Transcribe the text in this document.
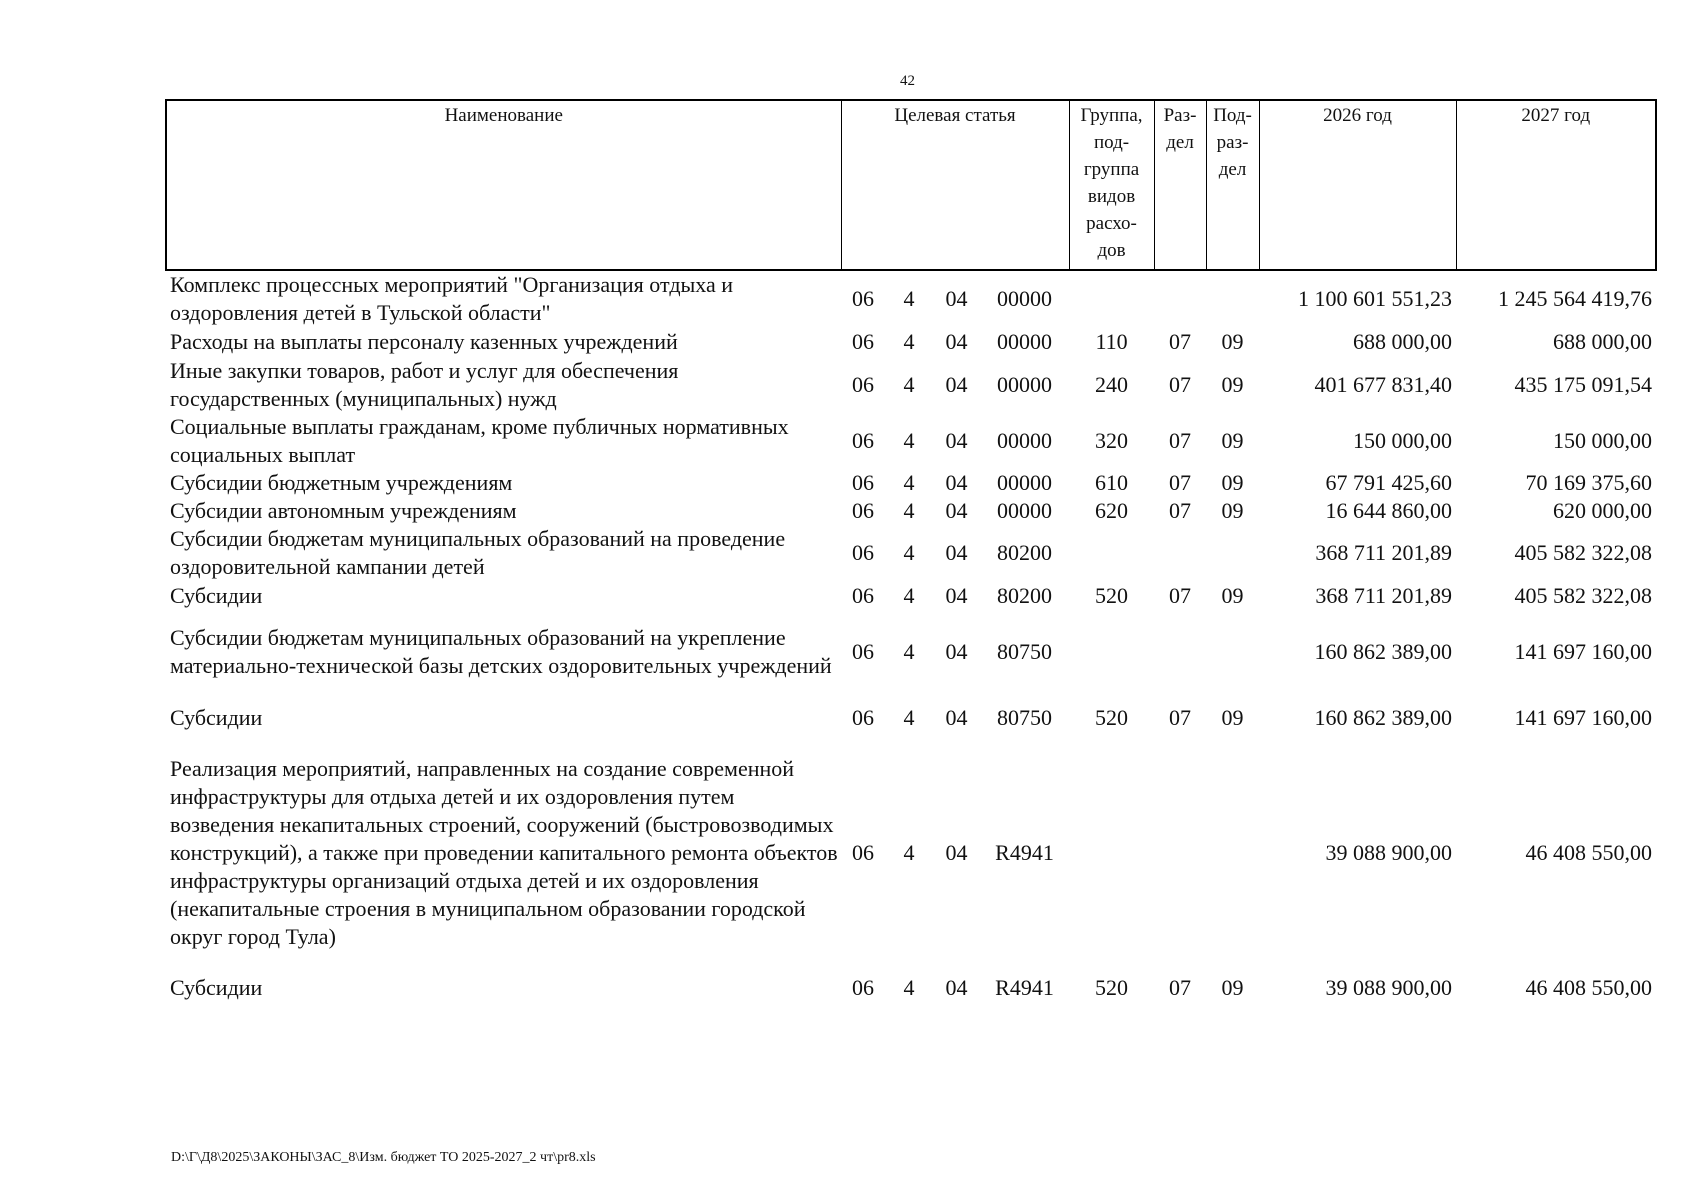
42
Наименование	Целевая статья				Группа, под- группа видов расхо- дов	Раз- дел	Под- раз- дел	2026 год	2027 год
Комплекс процессных мероприятий "Организация отдыха и оздоровления детей в Тульской области"	06	4	04	00000				1 100 601 551,23	1 245 564 419,76
Расходы на выплаты персоналу казенных учреждений	06	4	04	00000	110	07	09	688 000,00	688 000,00
Иные закупки товаров, работ и услуг для обеспечения государственных (муниципальных) нужд	06	4	04	00000	240	07	09	401 677 831,40	435 175 091,54
Социальные выплаты гражданам, кроме публичных нормативных социальных выплат	06	4	04	00000	320	07	09	150 000,00	150 000,00
Субсидии бюджетным учреждениям	06	4	04	00000	610	07	09	67 791 425,60	70 169 375,60
Субсидии автономным учреждениям	06	4	04	00000	620	07	09	16 644 860,00	620 000,00
Субсидии бюджетам муниципальных образований на проведение оздоровительной кампании детей	06	4	04	80200				368 711 201,89	405 582 322,08
Субсидии	06	4	04	80200	520	07	09	368 711 201,89	405 582 322,08
Субсидии бюджетам муниципальных образований на укрепление материально-технической базы детских оздоровительных учреждений	06	4	04	80750				160 862 389,00	141 697 160,00
Субсидии	06	4	04	80750	520	07	09	160 862 389,00	141 697 160,00
Реализация мероприятий, направленных на создание современной инфраструктуры для отдыха детей и их оздоровления путем возведения некапитальных строений, сооружений (быстровозводимых конструкций), а также при проведении капитального ремонта объектов инфраструктуры организаций отдыха детей и их оздоровления (некапитальные строения в муниципальном образовании городской округ город Тула)	06	4	04	R4941				39 088 900,00	46 408 550,00
Субсидии	06	4	04	R4941	520	07	09	39 088 900,00	46 408 550,00
D:\Г\Д8\2025\ЗАКОНЫ\ЗАС_8\Изм. бюджет ТО 2025-2027_2 чт\pr8.xls
